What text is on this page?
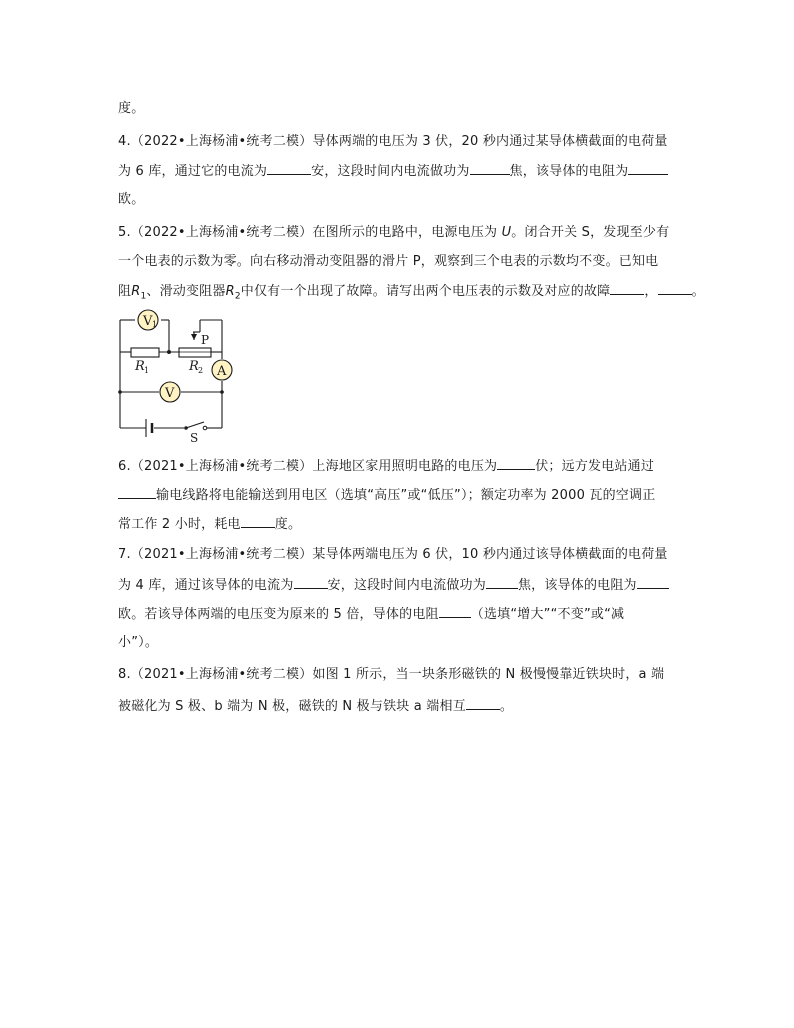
度。
4.（2022•上海杨浦•统考二模）导体两端的电压为 3 伏，20 秒内通过某导体横截面的电荷量
为 6 库，通过它的电流为	安，这段时间内电流做功为	焦，该导体的电阻为
欧。
5.（2022•上海杨浦•统考二模）在图所示的电路中，电源电压为 U。闭合开关 S，发现至少有
一个电表的示数为零。向右移动滑动变阻器的滑片 P，观察到三个电表的示数均不变。已知电
阻$R_1$、滑动变阻器$R_2$中仅有一个出现了故障。请写出两个电压表的示数及对应的故障	，	。
V 1
V
A
R 1	R 2
P
S
6.（2021•上海杨浦•统考二模）上海地区家用照明电路的电压为	伏；远方发电站通过
输电线路将电能输送到用电区（选填“高压”或“低压”）；额定功率为 2000 瓦的空调正
常工作 2 小时，耗电	度。
7.（2021•上海杨浦•统考二模）某导体两端电压为 6 伏，10 秒内通过该导体横截面的电荷量
为 4 库，通过该导体的电流为	安，这段时间内电流做功为 焦，该导体的电阻为
欧。若该导体两端的电压变为原来的 5 倍，导体的电阻 （选填“增大”“不变”或“减
小”）。
8.（2021•上海杨浦•统考二模）如图 1 所示，当一块条形磁铁的 N 极慢慢靠近铁块时，a 端
被磁化为 S 极、b 端为 N 极，磁铁的 N 极与铁块 a 端相互	。
